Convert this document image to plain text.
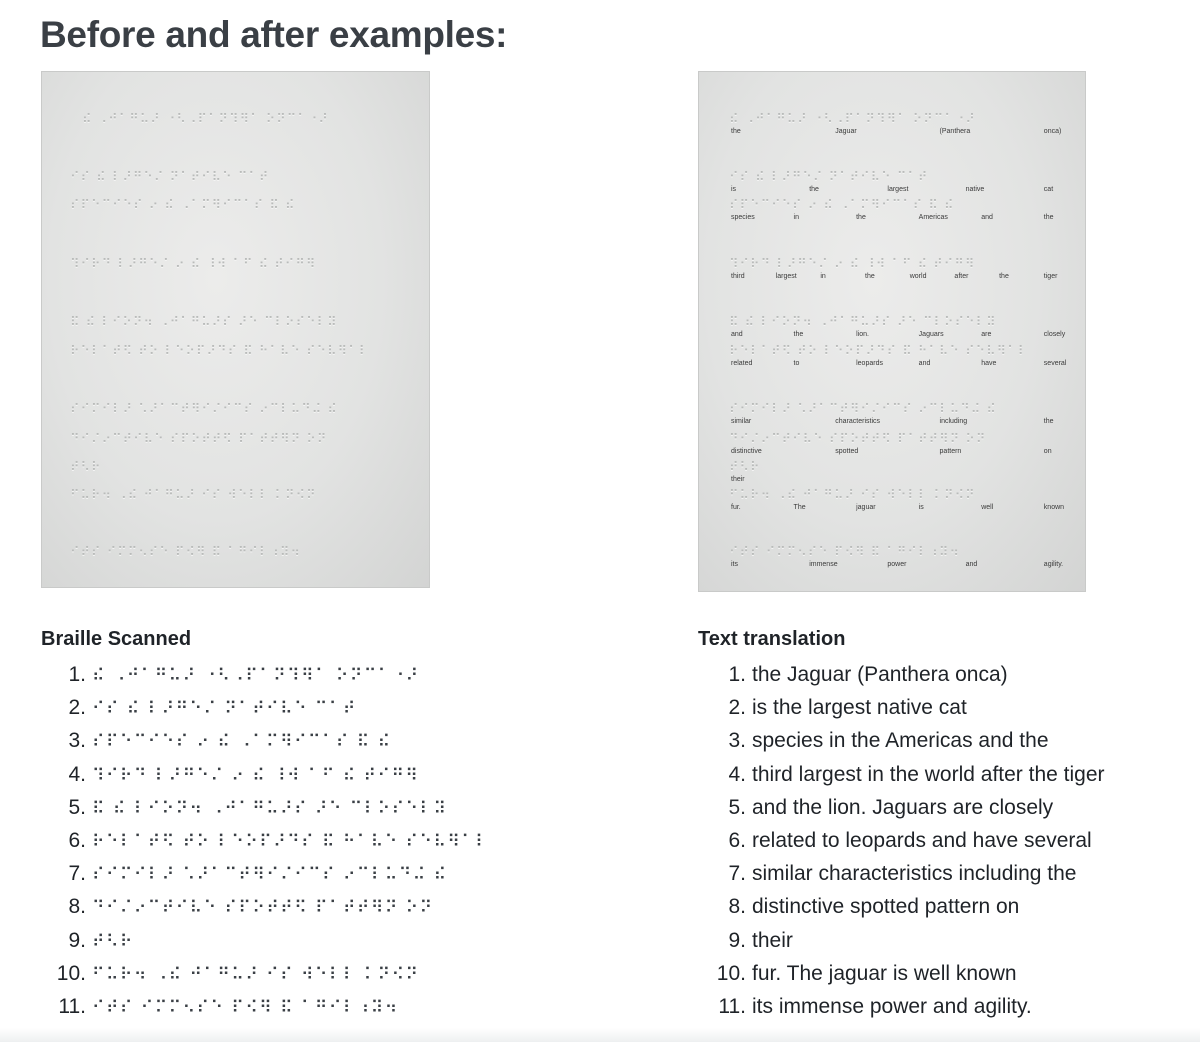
Before and after examples:
⠮ ⠠⠚⠁⠛⠥⠜ ⠐⠣⠠⠏⠁⠝⠹⠻⠁ ⠕⠝⠉⠁⠐⠜
⠊⠎ ⠮ ⠇⠜⠛⠑⠌ ⠝⠁⠞⠊⠧⠑ ⠉⠁⠞
⠎⠏⠑⠉⠊⠑⠎ ⠔ ⠮ ⠠⠁⠍⠻⠊⠉⠁⠎ ⠯ ⠮
⠹⠊⠗⠙ ⠇⠜⠛⠑⠌ ⠔ ⠮ ⠸⠺ ⠁⠋ ⠮ ⠞⠊⠛⠻
⠯ ⠮ ⠇⠊⠕⠝⠲ ⠠⠚⠁⠛⠥⠜⠎ ⠜⠑ ⠉⠇⠕⠎⠑⠇⠽
⠗⠑⠇⠁⠞⠫ ⠞⠕ ⠇⠑⠕⠏⠜⠙⠎ ⠯ ⠓⠁⠧⠑ ⠎⠑⠧⠻⠁⠇
⠎⠊⠍⠊⠇⠜ ⠡⠜⠁⠉⠞⠻⠊⠌⠊⠉⠎ ⠔⠉⠇⠥⠙⠬ ⠮
⠙⠊⠌⠔⠉⠞⠊⠧⠑ ⠎⠏⠕⠞⠞⠫ ⠏⠁⠞⠞⠻⠝ ⠕⠝
⠞⠣⠗
⠋⠥⠗⠲ ⠠⠮ ⠚⠁⠛⠥⠜ ⠊⠎ ⠺⠑⠇⠇ ⠅⠝⠪⠝
⠊⠞⠎ ⠊⠍⠍⠢⠎⠑ ⠏⠪⠻ ⠯ ⠁⠛⠊⠇⠰⠽⠲
⠮ ⠠⠚⠁⠛⠥⠜ ⠐⠣⠠⠏⠁⠝⠹⠻⠁ ⠕⠝⠉⠁⠐⠜
the	Jaguar	(Panthera	onca)
⠊⠎ ⠮ ⠇⠜⠛⠑⠌ ⠝⠁⠞⠊⠧⠑ ⠉⠁⠞
is	the	largest	native	cat
⠎⠏⠑⠉⠊⠑⠎ ⠔ ⠮ ⠠⠁⠍⠻⠊⠉⠁⠎ ⠯ ⠮
species	in	the	Americas	and	the
⠹⠊⠗⠙ ⠇⠜⠛⠑⠌ ⠔ ⠮ ⠸⠺ ⠁⠋ ⠮ ⠞⠊⠛⠻
third	largest	in	the	world	after	the	tiger
⠯ ⠮ ⠇⠊⠕⠝⠲ ⠠⠚⠁⠛⠥⠜⠎ ⠜⠑ ⠉⠇⠕⠎⠑⠇⠽
and	the	lion.	Jaguars	are	closely
⠗⠑⠇⠁⠞⠫ ⠞⠕ ⠇⠑⠕⠏⠜⠙⠎ ⠯ ⠓⠁⠧⠑ ⠎⠑⠧⠻⠁⠇
related	to	leopards	and	have	several
⠎⠊⠍⠊⠇⠜ ⠡⠜⠁⠉⠞⠻⠊⠌⠊⠉⠎ ⠔⠉⠇⠥⠙⠬ ⠮
similar	characteristics	including	the
⠙⠊⠌⠔⠉⠞⠊⠧⠑ ⠎⠏⠕⠞⠞⠫ ⠏⠁⠞⠞⠻⠝ ⠕⠝
distinctive	spotted	pattern	on
⠞⠣⠗
their
⠋⠥⠗⠲ ⠠⠮ ⠚⠁⠛⠥⠜ ⠊⠎ ⠺⠑⠇⠇ ⠅⠝⠪⠝
fur.	The	jaguar	is	well	known
⠊⠞⠎ ⠊⠍⠍⠢⠎⠑ ⠏⠪⠻ ⠯ ⠁⠛⠊⠇⠰⠽⠲
its	immense	power	and	agility.
Braille Scanned	Text translation
1. ⠮ ⠠⠚⠁⠛⠥⠜ ⠐⠣⠠⠏⠁⠝⠹⠻⠁ ⠕⠝⠉⠁⠐⠜
2. ⠊⠎ ⠮ ⠇⠜⠛⠑⠌ ⠝⠁⠞⠊⠧⠑ ⠉⠁⠞
3. ⠎⠏⠑⠉⠊⠑⠎ ⠔ ⠮ ⠠⠁⠍⠻⠊⠉⠁⠎ ⠯ ⠮
4. ⠹⠊⠗⠙ ⠇⠜⠛⠑⠌ ⠔ ⠮ ⠸⠺ ⠁⠋ ⠮ ⠞⠊⠛⠻
5. ⠯ ⠮ ⠇⠊⠕⠝⠲ ⠠⠚⠁⠛⠥⠜⠎ ⠜⠑ ⠉⠇⠕⠎⠑⠇⠽
6. ⠗⠑⠇⠁⠞⠫ ⠞⠕ ⠇⠑⠕⠏⠜⠙⠎ ⠯ ⠓⠁⠧⠑ ⠎⠑⠧⠻⠁⠇
7. ⠎⠊⠍⠊⠇⠜ ⠡⠜⠁⠉⠞⠻⠊⠌⠊⠉⠎ ⠔⠉⠇⠥⠙⠬ ⠮
8. ⠙⠊⠌⠔⠉⠞⠊⠧⠑ ⠎⠏⠕⠞⠞⠫ ⠏⠁⠞⠞⠻⠝ ⠕⠝
9. ⠞⠣⠗
10. ⠋⠥⠗⠲ ⠠⠮ ⠚⠁⠛⠥⠜ ⠊⠎ ⠺⠑⠇⠇ ⠅⠝⠪⠝
11. ⠊⠞⠎ ⠊⠍⠍⠢⠎⠑ ⠏⠪⠻ ⠯ ⠁⠛⠊⠇⠰⠽⠲
1. the Jaguar (Panthera onca)
2. is the largest native cat
3. species in the Americas and the
4. third largest in the world after the tiger
5. and the lion. Jaguars are closely
6. related to leopards and have several
7. similar characteristics including the
8. distinctive spotted pattern on
9. their
10. fur. The jaguar is well known
11. its immense power and agility.
